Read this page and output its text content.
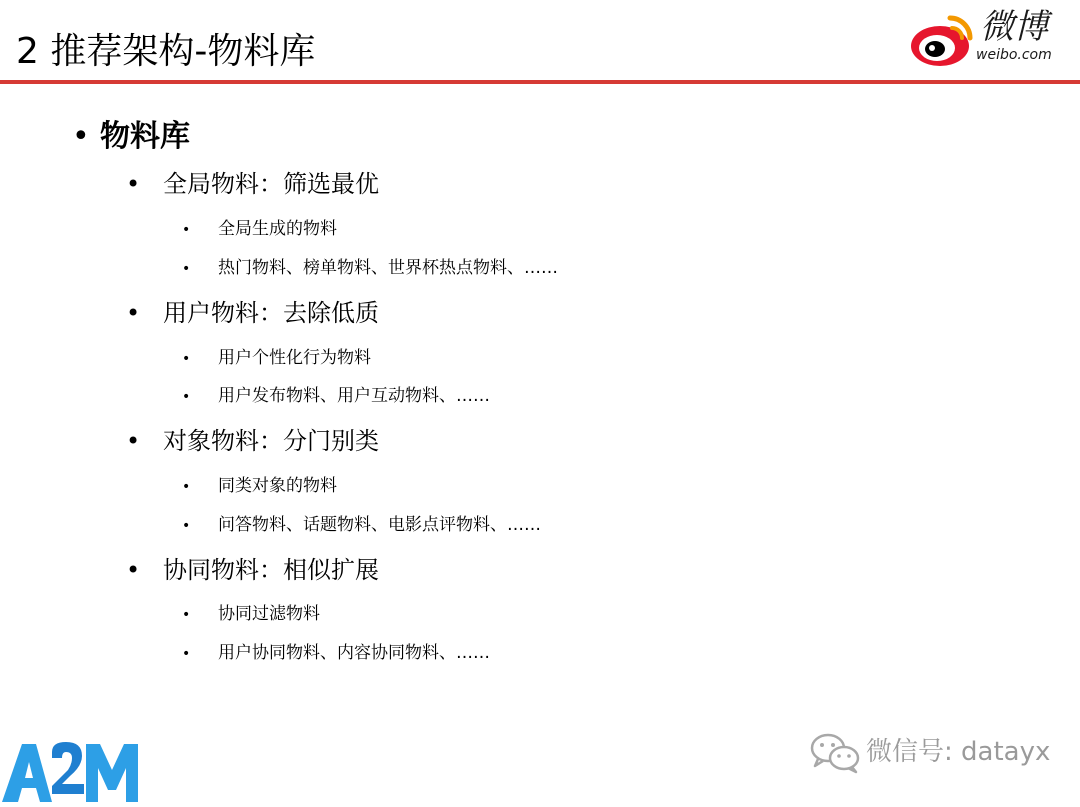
2 推荐架构-物料库
微博
weibo.com
• 物料库
• 全局物料：筛选最优
• 全局生成的物料
• 热门物料、榜单物料、世界杯热点物料、……
• 用户物料：去除低质
• 用户个性化行为物料
• 用户发布物料、用户互动物料、……
• 对象物料：分门别类
• 同类对象的物料
• 问答物料、话题物料、电影点评物料、……
• 协同物料：相似扩展
• 协同过滤物料
• 用户协同物料、内容协同物料、……
微信号: datayx
